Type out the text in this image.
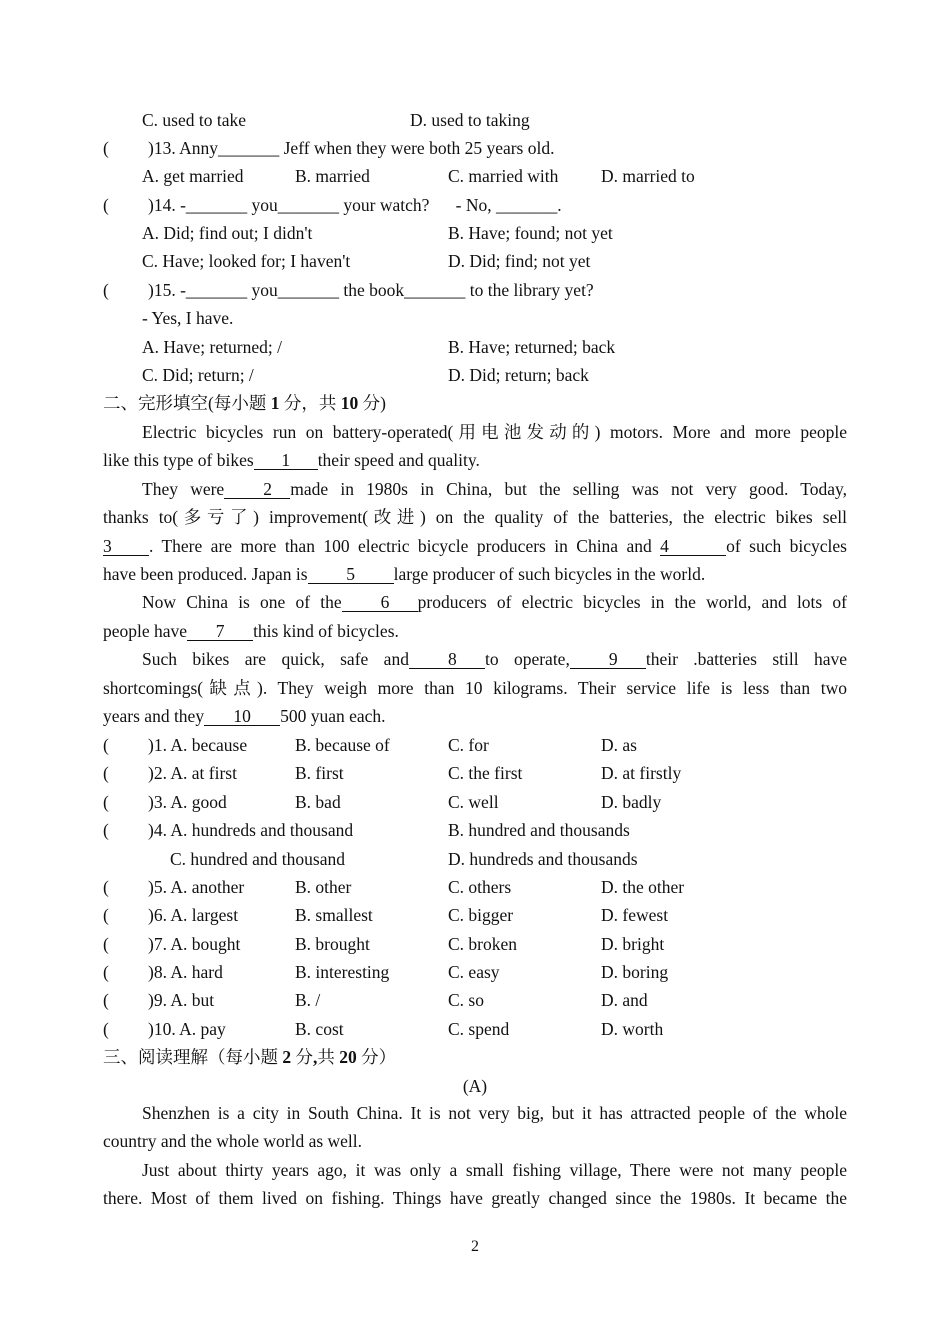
C. used to take	D. used to taking
( )13. Anny_______ Jeff when they were both 25 years old.
A. get married	B. married	C. married with D. married to
( )14. -_______ you_______ your watch?      - No, _______.
A. Did; find out; I didn't	B. Have; found; not yet
C. Have; looked for; I haven't	D. Did; find; not yet
( )15. -_______ you_______ the book_______ to the library yet?
- Yes, I have.
A. Have; returned; /	B. Have; returned; back
C. Did; return; /	D. Did; return; back
二、完形填空(每小题 1 分，共 10 分)

Electric bicycles run on battery-operated(用电池发动的) motors. More and more people

like this type of bikes 1 their speed and quality.

They were 2 made in 1980s in China, but the selling was not very good. Today,

thanks to(多亏了) improvement(改进) on the quality of the batteries, the electric bikes sell
3 . There are more than 100 electric bicycle producers in China and 4	of such bicycles
have been produced. Japan is 5 large producer of such bicycles in the world.

Now China is one of the 6 producers of electric bicycles in the world, and lots of

people have 7 this kind of bicycles.

Such bikes are quick, safe and 8 to operate, 9 their .batteries still have

shortcomings(缺点). They weigh more than 10 kilograms. Their service life is less than two
years and they 10 500 yuan each.
( )1. A. because	B. because of	C. for	D. as
( )2. A. at first	B. first	C. the first	D. at firstly
( )3. A. good	B. bad	C. well	D. badly
( )4. A. hundreds and thousand	B. hundred and thousands
C. hundred and thousand	D. hundreds and thousands
( )5. A. another	B. other	C. others	D. the other
( )6. A. largest	B. smallest	C. bigger	D. fewest
( )7. A. bought	B. brought	C. broken	D. bright
( )8. A. hard	B. interesting	C. easy	D. boring
( )9. A. but	B. /	C. so	D. and
( )10. A. pay	B. cost	C. spend	D. worth
三、阅读理解（每小题 2 分,共 20 分）
(A)

Shenzhen is a city in South China. It is not very big, but it has attracted people of the whole

country and the whole world as well.

Just about thirty years ago, it was only a small fishing village, There were not many people

there. Most of them lived on fishing. Things have greatly changed since the 1980s. It became the
2
